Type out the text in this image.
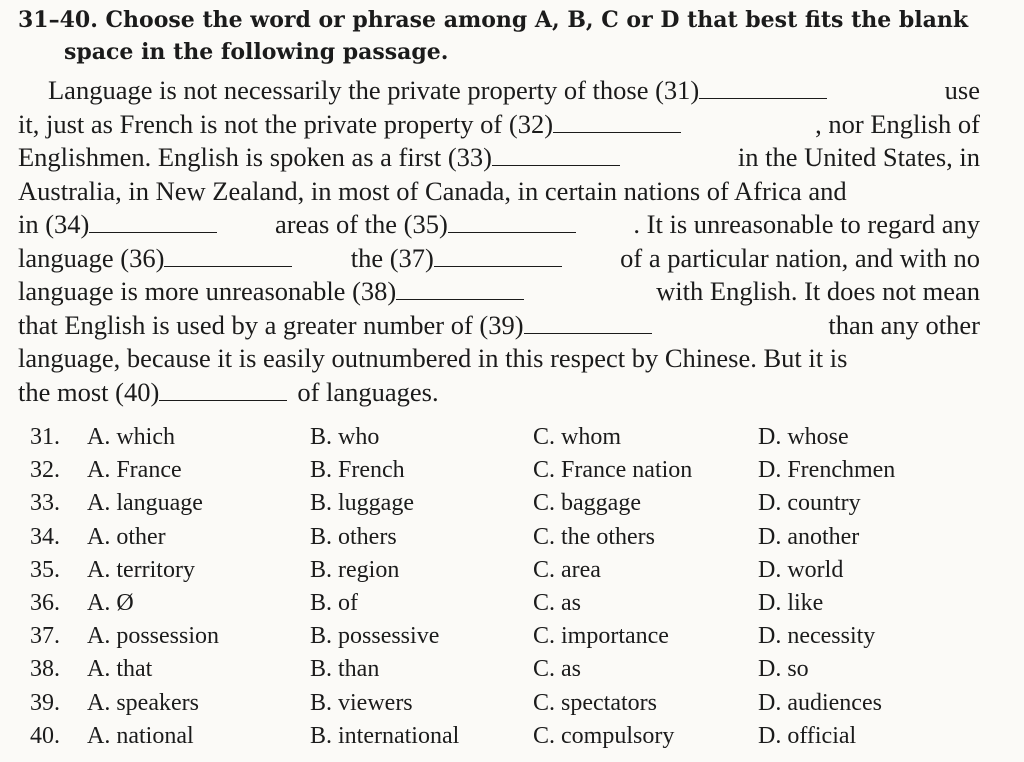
31–40. Choose the word or phrase among A, B, C or D that best fits the blank
space in the following passage.
Language is not necessarily the private property of those (31)	use
it, just as French is not the private property of (32)	, nor English of
Englishmen. English is spoken as a first (33)	in the United States, in
Australia, in New Zealand, in most of Canada, in certain nations of Africa and
in (34)	areas of the (35)	. It is unreasonable to regard any
language (36)	the (37)	of a particular nation, and with no
language is more unreasonable (38)	with English. It does not mean
that English is used by a greater number of (39)	than any other
language, because it is easily outnumbered in this respect by Chinese. But it is
the most (40)	of languages.
31. A. which	B. who	C. whom	D. whose
32. A. France	B. French	C. France nation	D. Frenchmen
33. A. language	B. luggage	C. baggage	D. country
34. A. other	B. others	C. the others	D. another
35. A. territory	B. region	C. area	D. world
36. A. Ø	B. of	C. as	D. like
37. A. possession	B. possessive	C. importance	D. necessity
38. A. that	B. than	C. as	D. so
39. A. speakers	B. viewers	C. spectators	D. audiences
40. A. national	B. international	C. compulsory	D. official
